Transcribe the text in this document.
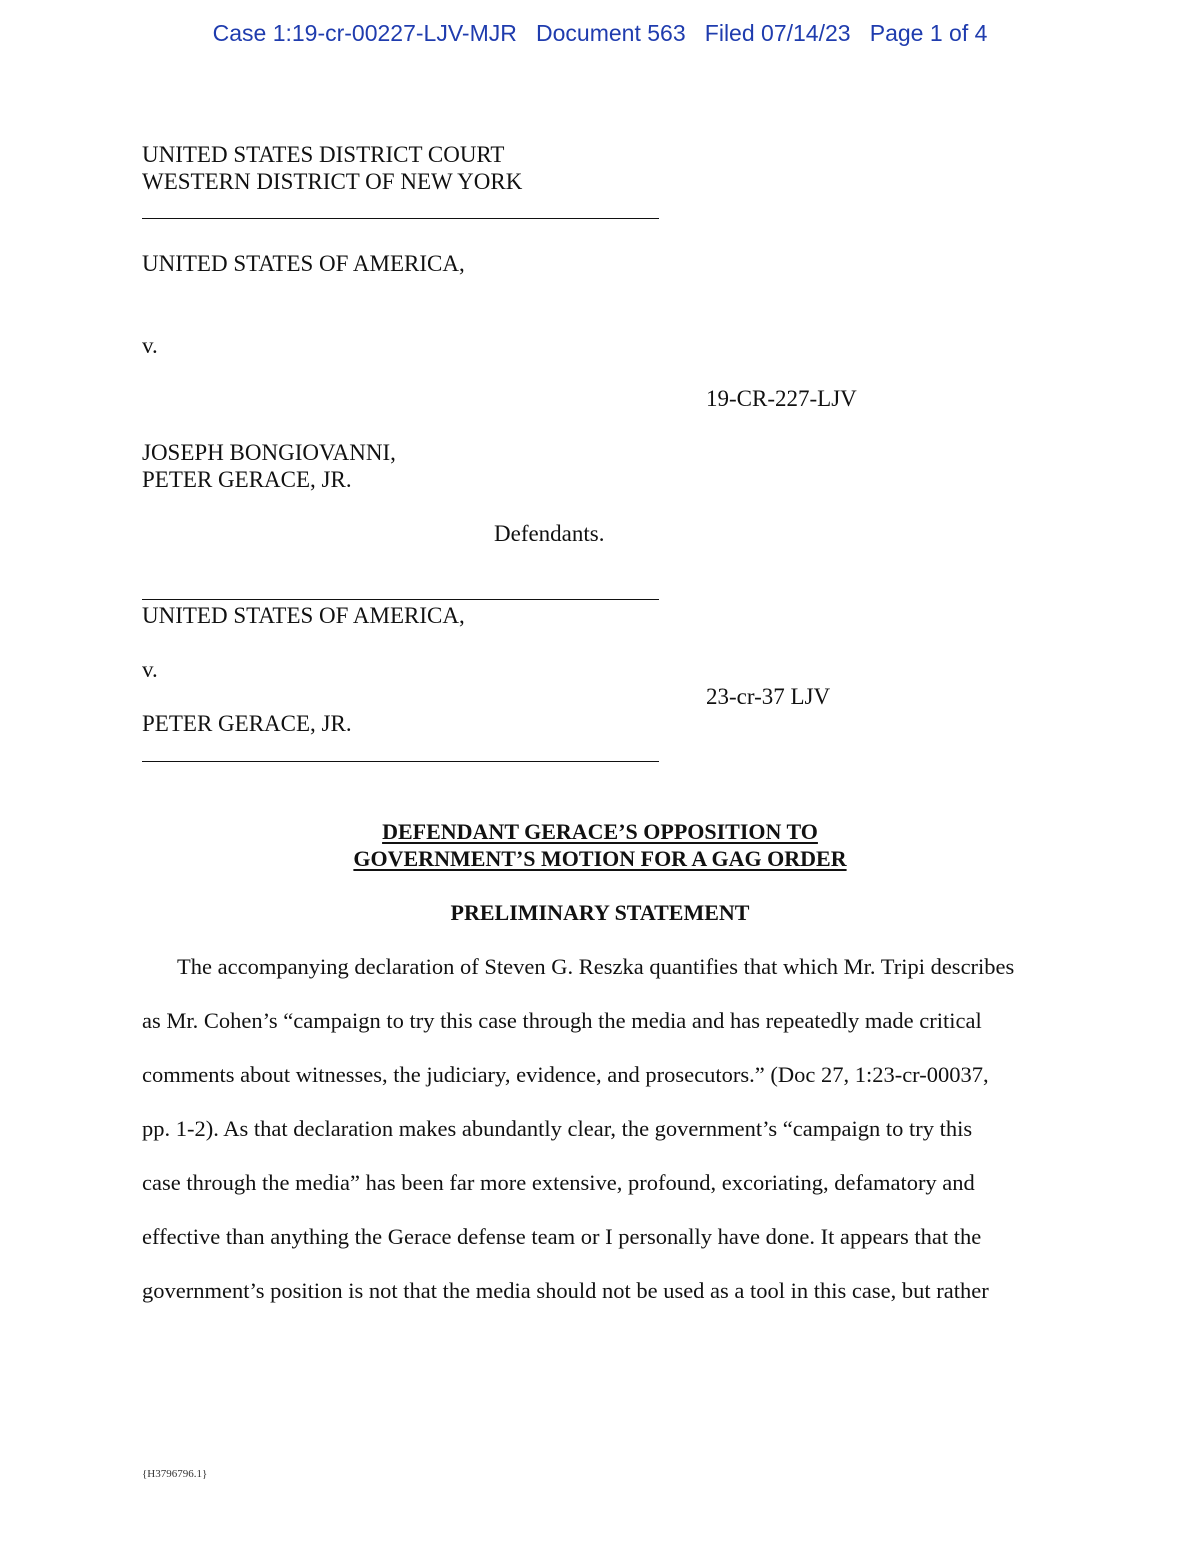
Case 1:19-cr-00227-LJV-MJR Document 563 Filed 07/14/23 Page 1 of 4
UNITED STATES DISTRICT COURT
WESTERN DISTRICT OF NEW YORK
UNITED STATES OF AMERICA,
v.
19-CR-227-LJV
JOSEPH BONGIOVANNI,
PETER GERACE, JR.
Defendants.
UNITED STATES OF AMERICA,
v.
23-cr-37 LJV
PETER GERACE, JR.
DEFENDANT GERACE’S OPPOSITION TO
GOVERNMENT’S MOTION FOR A GAG ORDER
PRELIMINARY STATEMENT
The accompanying declaration of Steven G. Reszka quantifies that which Mr. Tripi describes
as Mr. Cohen’s “campaign to try this case through the media and has repeatedly made critical
comments about witnesses, the judiciary, evidence, and prosecutors.” (Doc 27, 1:23-cr-00037,
pp. 1-2). As that declaration makes abundantly clear, the government’s “campaign to try this
case through the media” has been far more extensive, profound, excoriating, defamatory and
effective than anything the Gerace defense team or I personally have done. It appears that the
government’s position is not that the media should not be used as a tool in this case, but rather
{H3796796.1}
